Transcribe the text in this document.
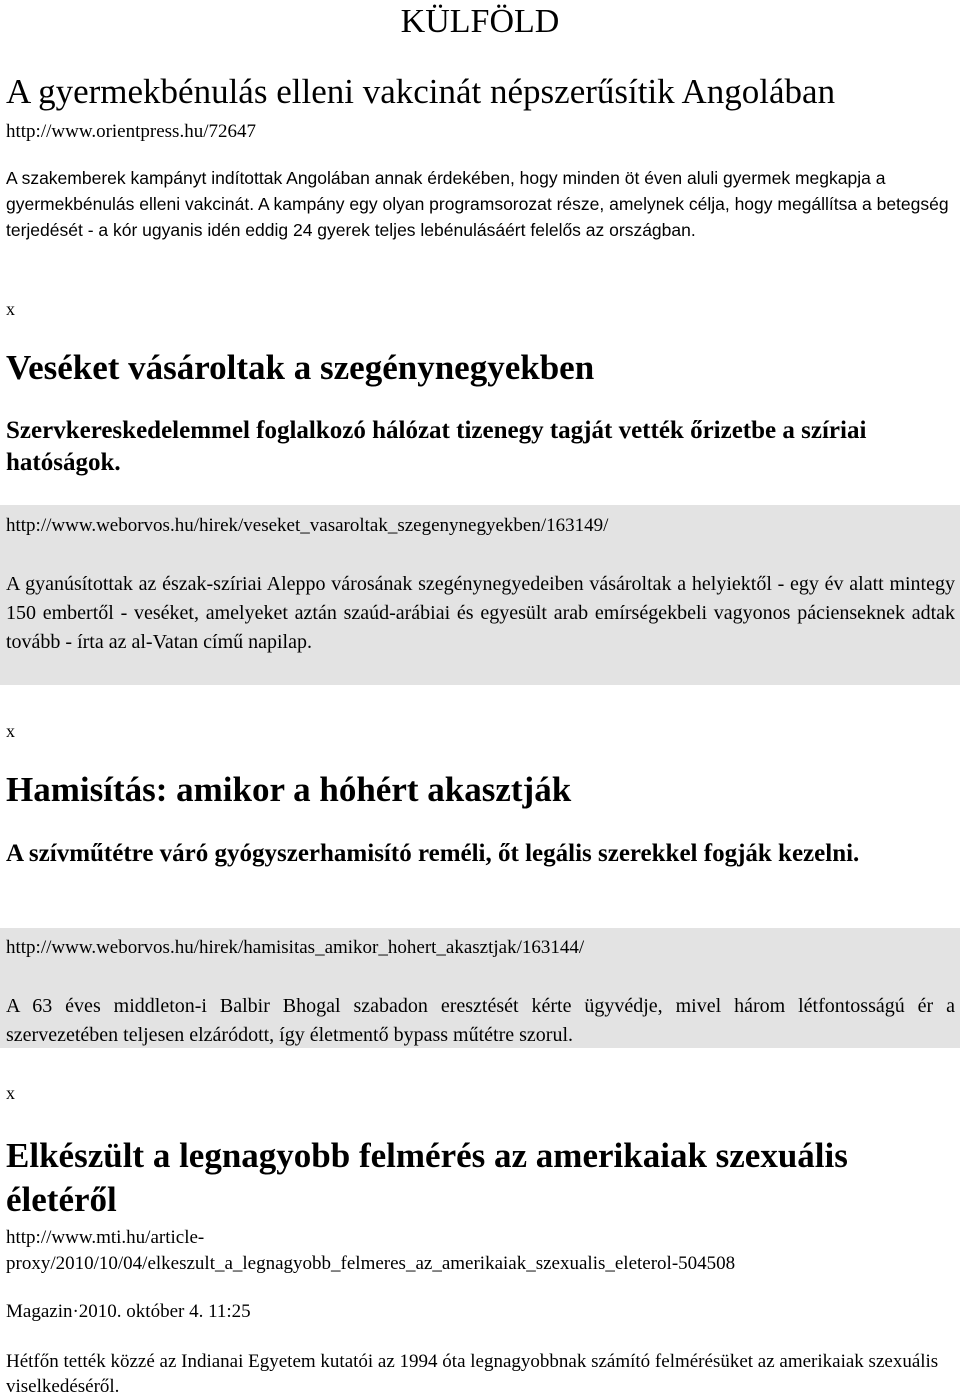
KÜLFÖLD
A gyermekbénulás elleni vakcinát népszerűsítik Angolában
http://www.orientpress.hu/72647
A szakemberek kampányt indítottak Angolában annak érdekében, hogy minden öt éven aluli gyermek megkapja a gyermekbénulás elleni vakcinát. A kampány egy olyan programsorozat része, amelynek célja, hogy megállítsa a betegség terjedését - a kór ugyanis idén eddig 24 gyerek teljes lebénulásáért felelős az országban.
x
Veséket vásároltak a szegénynegyekben
Szervkereskedelemmel foglalkozó hálózat tizenegy tagját vették őrizetbe a szíriai hatóságok.
http://www.weborvos.hu/hirek/veseket_vasaroltak_szegenynegyekben/163149/
A gyanúsítottak az észak-szíriai Aleppo városának szegénynegyedeiben vásároltak a helyiektől - egy év alatt mintegy 150 embertől - veséket, amelyeket aztán szaúd-arábiai és egyesült arab emírségekbeli vagyonos pácienseknek adtak tovább - írta az al-Vatan című napilap.
x
Hamisítás: amikor a hóhért akasztják
A szívműtétre váró gyógyszerhamisító reméli, őt legális szerekkel fogják kezelni.
http://www.weborvos.hu/hirek/hamisitas_amikor_hohert_akasztjak/163144/
A 63 éves middleton-i Balbir Bhogal szabadon eresztését kérte ügyvédje, mivel három létfontosságú ér a szervezetében teljesen elzáródott, így életmentő bypass műtétre szorul.
x
Elkészült a legnagyobb felmérés az amerikaiak szexuális életéről
http://www.mti.hu/article-
proxy/2010/10/04/elkeszult_a_legnagyobb_felmeres_az_amerikaiak_szexualis_eleterol-504508
Magazin·2010. október 4. 11:25
Hétfőn tették közzé az Indianai Egyetem kutatói az 1994 óta legnagyobbnak számító felmérésüket az amerikaiak szexuális viselkedéséről.
